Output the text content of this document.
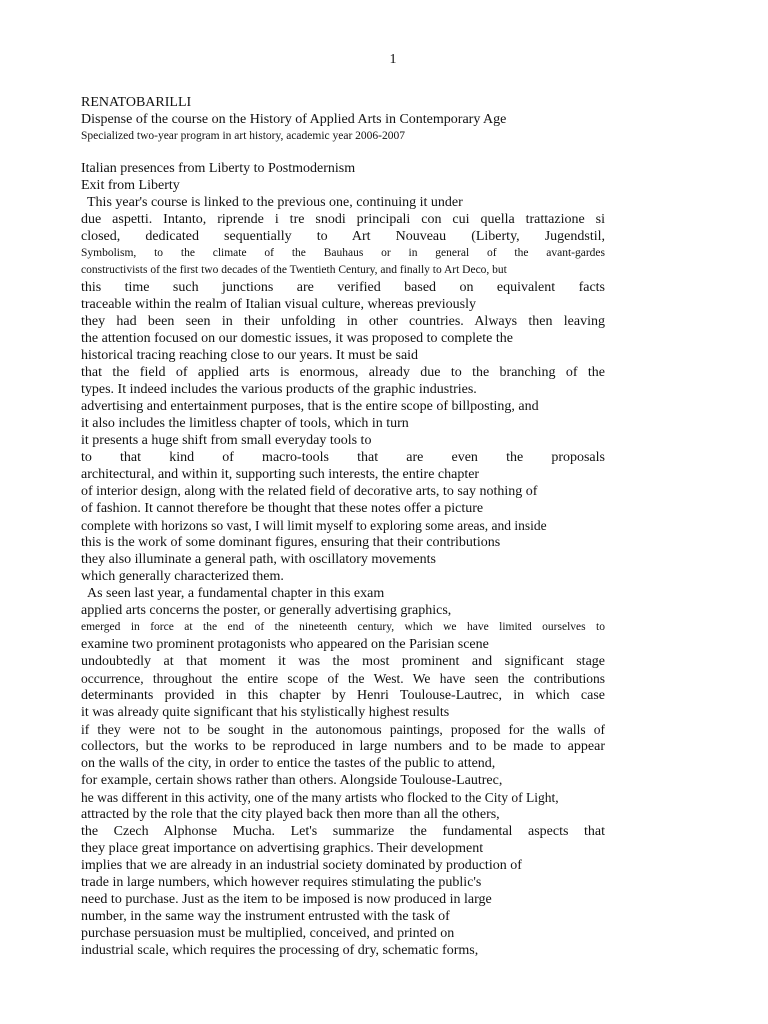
1
RENATOBARILLI
Dispense of the course on the History of Applied Arts in Contemporary Age
Specialized two-year program in art history, academic year 2006-2007
Italian presences from Liberty to Postmodernism
Exit from Liberty
This year's course is linked to the previous one, continuing it under
due aspetti. Intanto, riprende i tre snodi principali con cui quella trattazione si
closed, dedicated sequentially to Art Nouveau (Liberty, Jugendstil,
Symbolism, to the climate of the Bauhaus or in general of the avant-gardes
constructivists of the first two decades of the Twentieth Century, and finally to Art Deco, but
this time such junctions are verified based on equivalent facts
traceable within the realm of Italian visual culture, whereas previously
they had been seen in their unfolding in other countries. Always then leaving
the attention focused on our domestic issues, it was proposed to complete the
historical tracing reaching close to our years. It must be said
that the field of applied arts is enormous, already due to the branching of the
types. It indeed includes the various products of the graphic industries.
advertising and entertainment purposes, that is the entire scope of billposting, and
it also includes the limitless chapter of tools, which in turn
it presents a huge shift from small everyday tools to
to that kind of macro-tools that are even the proposals
architectural, and within it, supporting such interests, the entire chapter
of interior design, along with the related field of decorative arts, to say nothing of
of fashion. It cannot therefore be thought that these notes offer a picture
complete with horizons so vast, I will limit myself to exploring some areas, and inside
this is the work of some dominant figures, ensuring that their contributions
they also illuminate a general path, with oscillatory movements
which generally characterized them.
As seen last year, a fundamental chapter in this exam
applied arts concerns the poster, or generally advertising graphics,
emerged in force at the end of the nineteenth century, which we have limited ourselves to
examine two prominent protagonists who appeared on the Parisian scene
undoubtedly at that moment it was the most prominent and significant stage
occurrence, throughout the entire scope of the West. We have seen the contributions
determinants provided in this chapter by Henri Toulouse-Lautrec, in which case
it was already quite significant that his stylistically highest results
if they were not to be sought in the autonomous paintings, proposed for the walls of
collectors, but the works to be reproduced in large numbers and to be made to appear
on the walls of the city, in order to entice the tastes of the public to attend,
for example, certain shows rather than others. Alongside Toulouse-Lautrec,
he was different in this activity, one of the many artists who flocked to the City of Light,
attracted by the role that the city played back then more than all the others,
the Czech Alphonse Mucha. Let's summarize the fundamental aspects that
they place great importance on advertising graphics. Their development
implies that we are already in an industrial society dominated by production of
trade in large numbers, which however requires stimulating the public's
need to purchase. Just as the item to be imposed is now produced in large
number, in the same way the instrument entrusted with the task of
purchase persuasion must be multiplied, conceived, and printed on
industrial scale, which requires the processing of dry, schematic forms,
